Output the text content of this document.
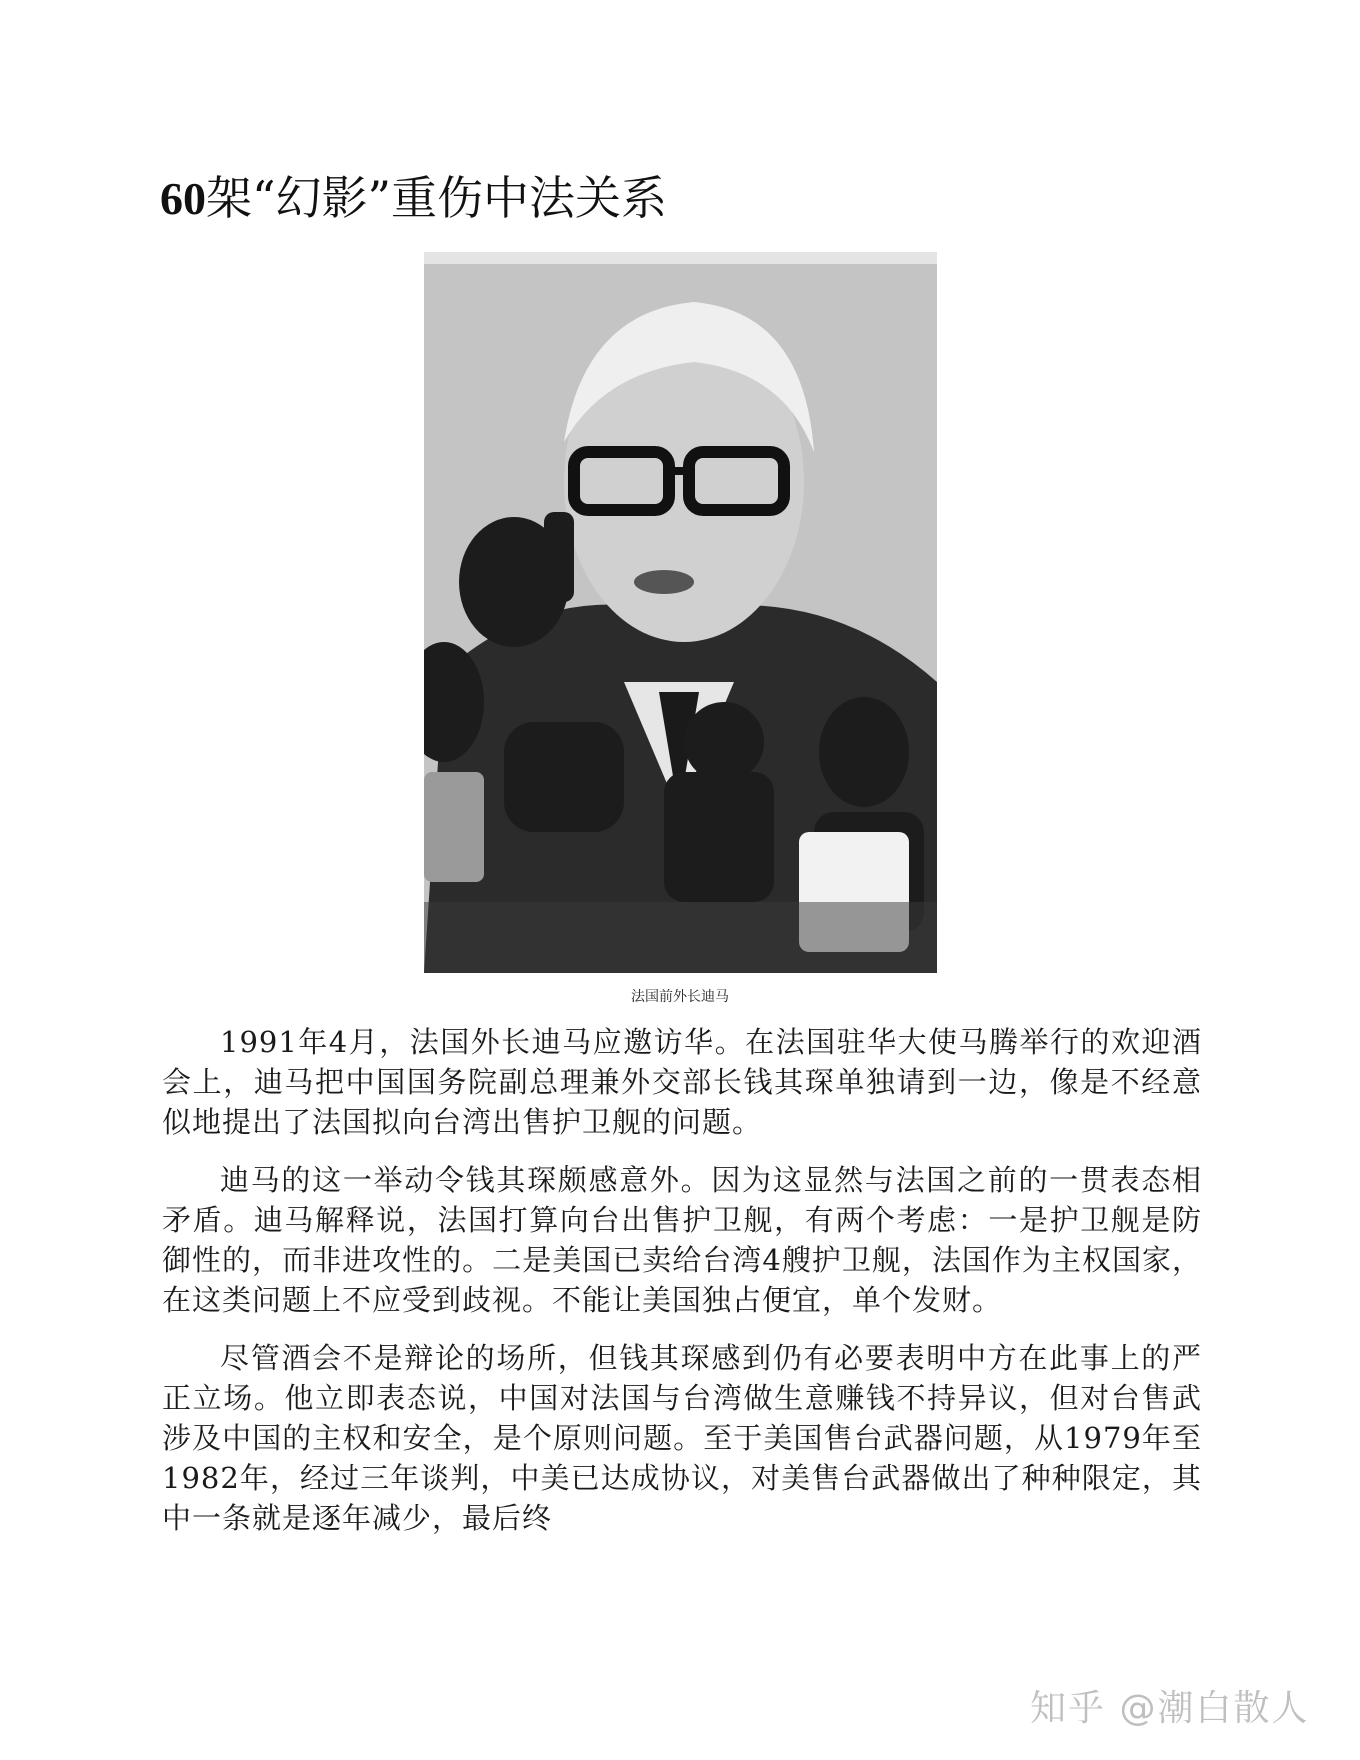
60架“幻影”重伤中法关系
法国前外长迪马

1991年4月，法国外长迪马应邀访华。在法国驻华大使马腾举行的欢迎酒会上，迪马把中国国务院副总理兼外交部长钱其琛单独请到一边，像是不经意似地提出了法国拟向台湾出售护卫舰的问题。

迪马的这一举动令钱其琛颇感意外。因为这显然与法国之前的一贯表态相矛盾。迪马解释说，法国打算向台出售护卫舰，有两个考虑：一是护卫舰是防御性的，而非进攻性的。二是美国已卖给台湾4艘护卫舰，法国作为主权国家，在这类问题上不应受到歧视。不能让美国独占便宜，单个发财。

尽管酒会不是辩论的场所，但钱其琛感到仍有必要表明中方在此事上的严正立场。他立即表态说，中国对法国与台湾做生意赚钱不持异议，但对台售武涉及中国的主权和安全，是个原则问题。至于美国售台武器问题，从1979年至1982年，经过三年谈判，中美已达成协议，对美售台武器做出了种种限定，其中一条就是逐年减少，最后终

知乎 @潮白散人
